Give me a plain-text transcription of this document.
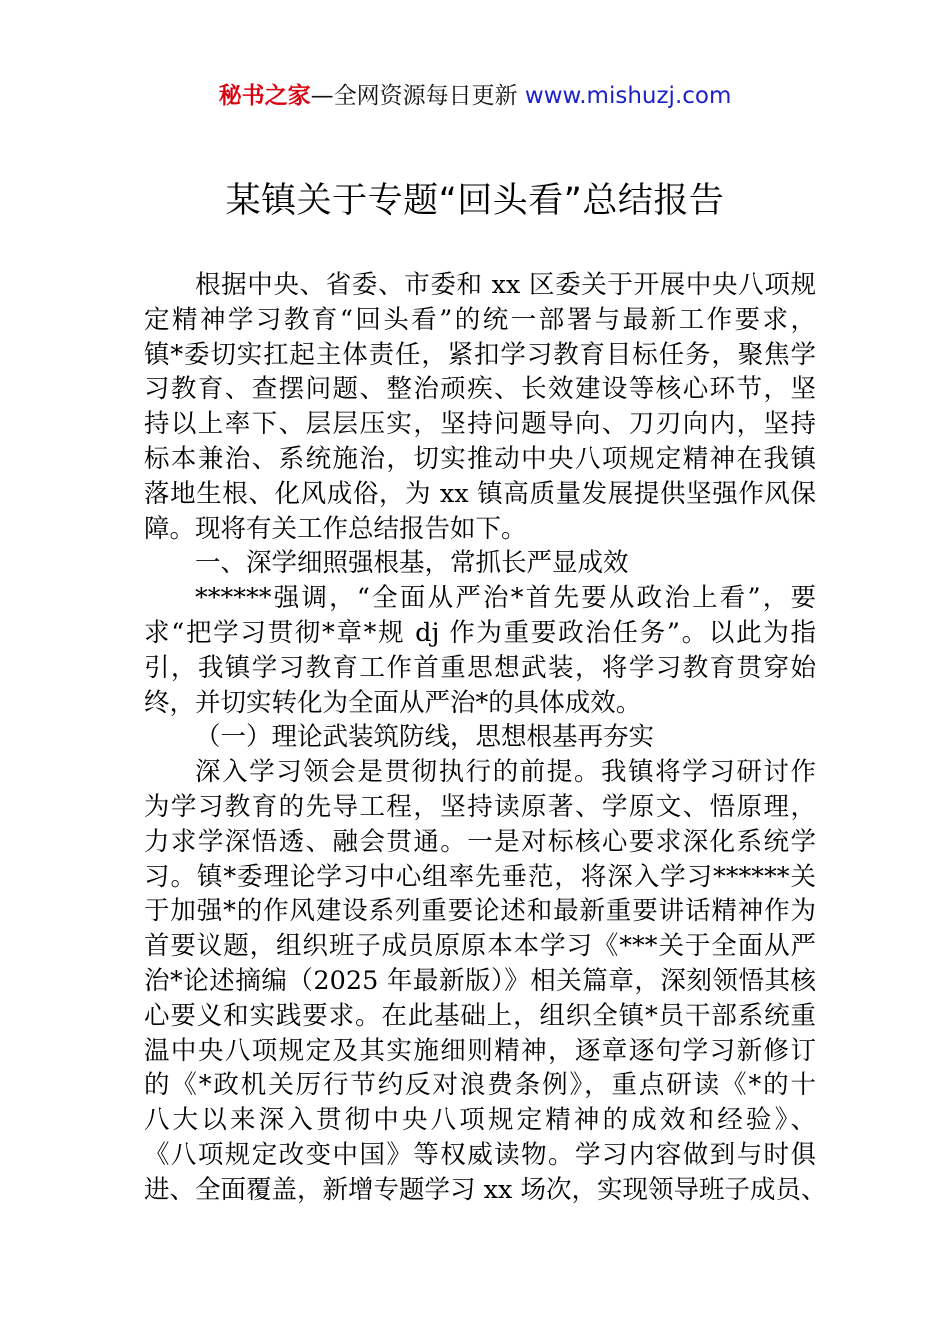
秘书之家—全网资源每日更新 www.mishuzj.com
某镇关于专题“回头看”总结报告
根据中央、省委、市委和 xx 区委关于开展中央八项规
定精神学习教育“回头看”的统一部署与最新工作要求，
镇*委切实扛起主体责任，紧扣学习教育目标任务，聚焦学
习教育、查摆问题、整治顽疾、长效建设等核心环节，坚
持以上率下、层层压实，坚持问题导向、刀刃向内，坚持
标本兼治、系统施治，切实推动中央八项规定精神在我镇
落地生根、化风成俗，为 xx 镇高质量发展提供坚强作风保
障。现将有关工作总结报告如下。
一、深学细照强根基，常抓长严显成效
******强调，“全面从严治*首先要从政治上看”，要
求“把学习贯彻*章*规 dj 作为重要政治任务”。以此为指
引，我镇学习教育工作首重思想武装，将学习教育贯穿始
终，并切实转化为全面从严治*的具体成效。
（一）理论武装筑防线，思想根基再夯实
深入学习领会是贯彻执行的前提。我镇将学习研讨作
为学习教育的先导工程，坚持读原著、学原文、悟原理，
力求学深悟透、融会贯通。一是对标核心要求深化系统学
习。镇*委理论学习中心组率先垂范，将深入学习******关
于加强*的作风建设系列重要论述和最新重要讲话精神作为
首要议题，组织班子成员原原本本学习《***关于全面从严
治*论述摘编（2025 年最新版）》相关篇章，深刻领悟其核
心要义和实践要求。在此基础上，组织全镇*员干部系统重
温中央八项规定及其实施细则精神，逐章逐句学习新修订
的《*政机关厉行节约反对浪费条例》，重点研读《*的十
八大以来深入贯彻中央八项规定精神的成效和经验》、
《八项规定改变中国》等权威读物。学习内容做到与时俱
进、全面覆盖，新增专题学习 xx 场次，实现领导班子成员、
